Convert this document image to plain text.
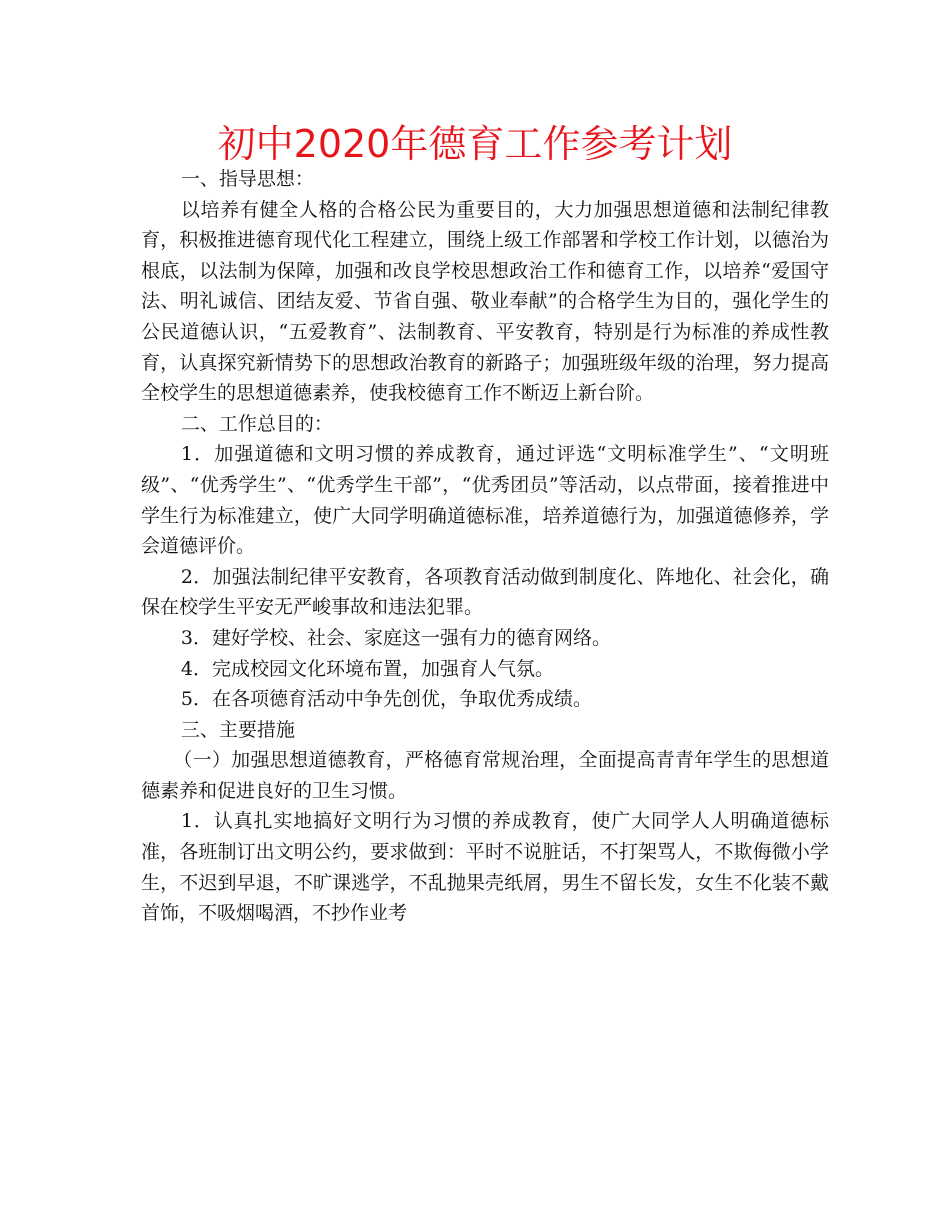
初中2020年德育工作参考计划

一、指导思想：

以培养有健全人格的合格公民为重要目的，大力加强思想道德和法制纪律教育，积极推进德育现代化工程建立，围绕上级工作部署和学校工作计划，以德治为根底，以法制为保障，加强和改良学校思想政治工作和德育工作，以培养“爱国守法、明礼诚信、团结友爱、节省自强、敬业奉献”的合格学生为目的，强化学生的公民道德认识，“五爱教育”、法制教育、平安教育，特别是行为标准的养成性教育，认真探究新情势下的思想政治教育的新路子；加强班级年级的治理，努力提高全校学生的思想道德素养，使我校德育工作不断迈上新台阶。

二、工作总目的：

1．加强道德和文明习惯的养成教育，通过评选“文明标准学生”、“文明班级”、“优秀学生”、“优秀学生干部”，“优秀团员”等活动，以点带面，接着推进中学生行为标准建立，使广大同学明确道德标准，培养道德行为，加强道德修养，学会道德评价。

2．加强法制纪律平安教育，各项教育活动做到制度化、阵地化、社会化，确保在校学生平安无严峻事故和违法犯罪。

3．建好学校、社会、家庭这一强有力的德育网络。

4．完成校园文化环境布置，加强育人气氛。

5．在各项德育活动中争先创优，争取优秀成绩。

三、主要措施

（一）加强思想道德教育，严格德育常规治理，全面提高青青年学生的思想道德素养和促进良好的卫生习惯。

1．认真扎实地搞好文明行为习惯的养成教育，使广大同学人人明确道德标准，各班制订出文明公约，要求做到：平时不说脏话，不打架骂人，不欺侮微小学生，不迟到早退，不旷课逃学，不乱抛果壳纸屑，男生不留长发，女生不化装不戴首饰，不吸烟喝酒，不抄作业考
